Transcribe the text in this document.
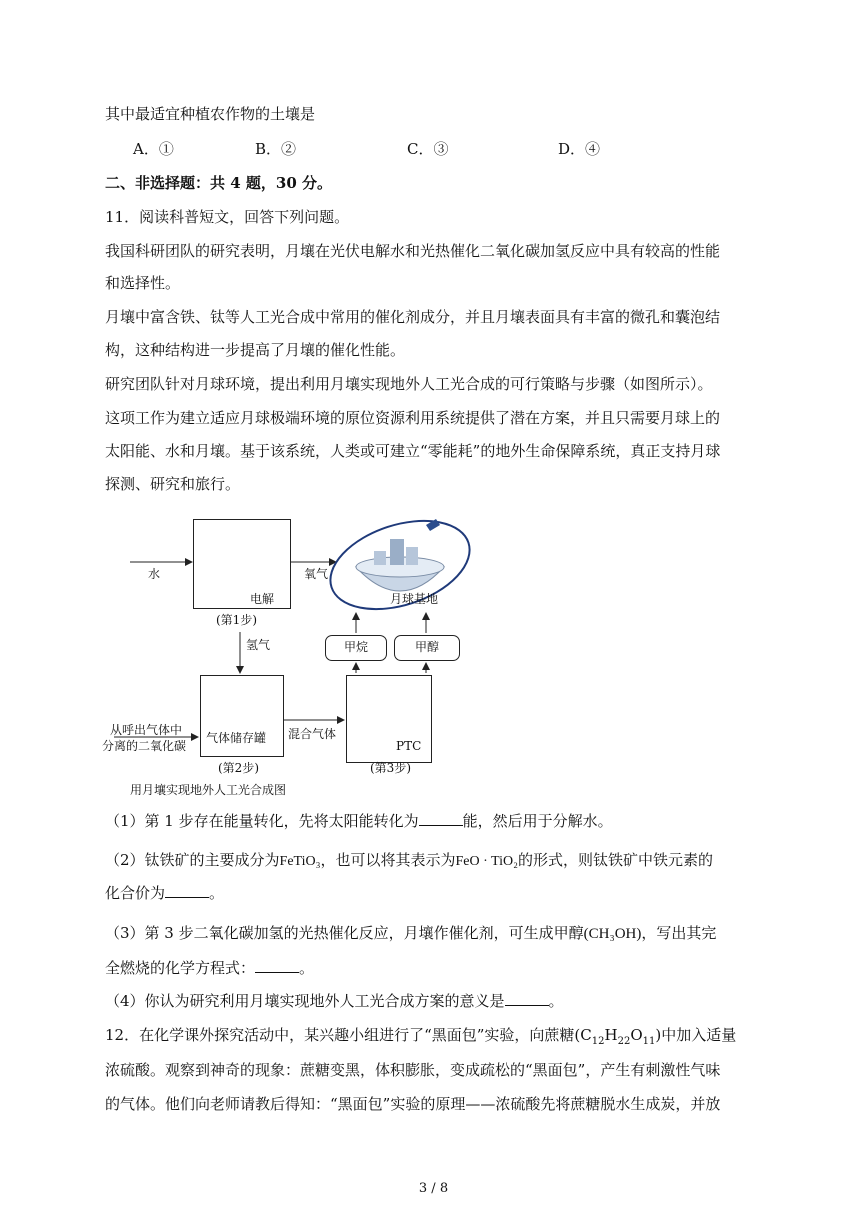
其中最适宜种植农作物的土壤是
A．①	B．②	C．③	D．④
二、非选择题：共 4 题，30 分。
11．阅读科普短文，回答下列问题。
我国科研团队的研究表明，月壤在光伏电解水和光热催化二氧化碳加氢反应中具有较高的性能
和选择性。
月壤中富含铁、钛等人工光合成中常用的催化剂成分，并且月壤表面具有丰富的微孔和囊泡结
构，这种结构进一步提高了月壤的催化性能。
研究团队针对月球环境，提出利用月壤实现地外人工光合成的可行策略与步骤（如图所示）。
这项工作为建立适应月球极端环境的原位资源利用系统提供了潜在方案，并且只需要月球上的
太阳能、水和月壤。基于该系统，人类或可建立“零能耗”的地外生命保障系统，真正支持月球
探测、研究和旅行。
甲烷	甲醇
水
电解
(第1步)
氧气
月球基地
氢气
从呼出气体中
分离的二氧化碳
气体储存罐
(第2步)
混合气体
PTC
(第3步)
用月壤实现地外人工光合成图
（1）第 1 步存在能量转化，先将太阳能转化为	能，然后用于分解水。
（2）钛铁矿的主要成分为FeTiO₃，也可以将其表示为FeO · TiO₂的形式，则钛铁矿中铁元素的
化合价为	。
（3）第 3 步二氧化碳加氢的光热催化反应，月壤作催化剂，可生成甲醇(CH₃OH)，写出其完
全燃烧的化学方程式：	。
（4）你认为研究利用月壤实现地外人工光合成方案的意义是	。
12．在化学课外探究活动中，某兴趣小组进行了“黑面包”实验，向蔗糖$(C_{12}H_{22}O_{11})$中加入适量
浓硫酸。观察到神奇的现象：蔗糖变黑，体积膨胀，变成疏松的“黑面包”，产生有刺激性气味
的气体。他们向老师请教后得知：“黑面包”实验的原理——浓硫酸先将蔗糖脱水生成炭，并放
3 / 8
